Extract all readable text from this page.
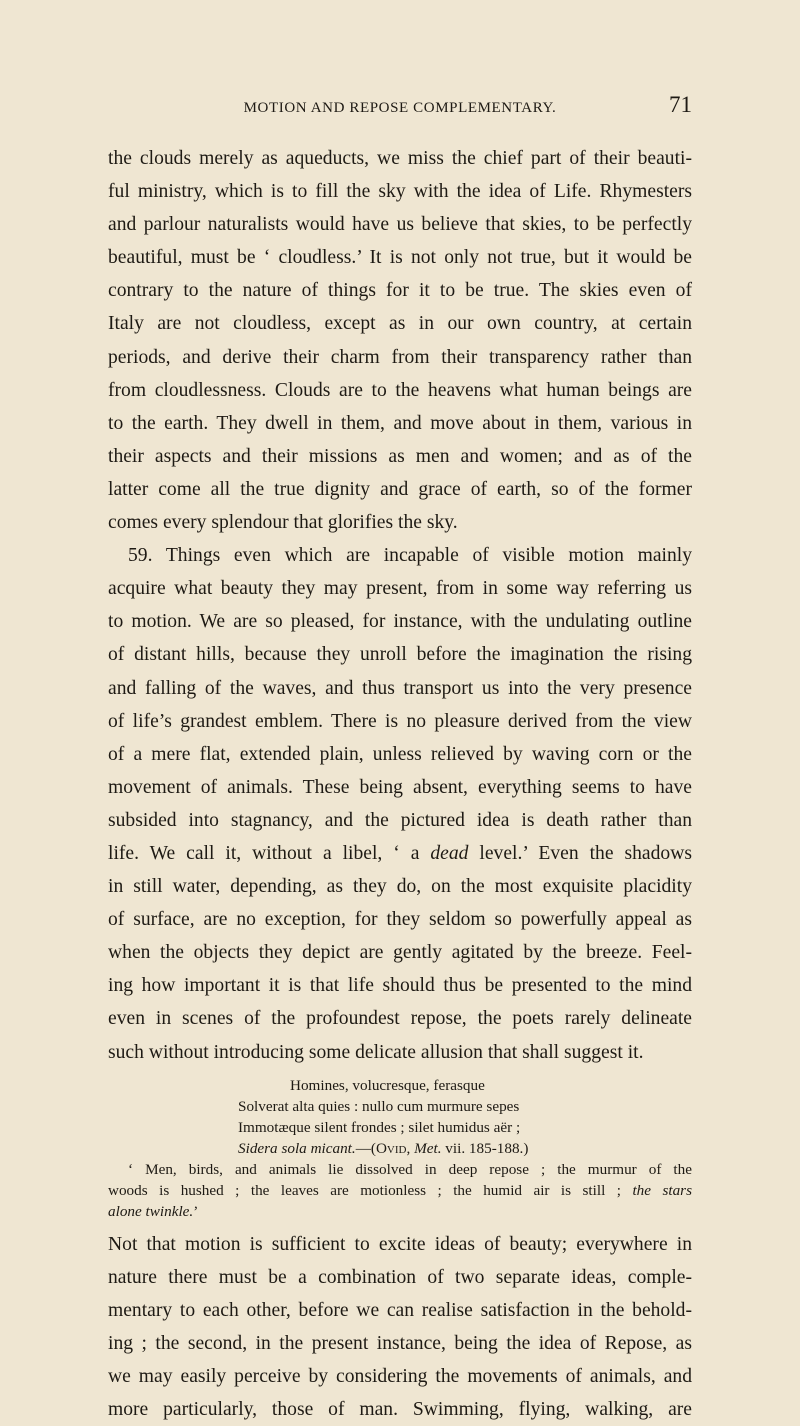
MOTION AND REPOSE COMPLEMENTARY.	71
the clouds merely as aqueducts, we miss the chief part of their beauti-
ful ministry, which is to fill the sky with the idea of Life. Rhymesters
and parlour naturalists would have us believe that skies, to be perfectly
beautiful, must be ‘ cloudless.’ It is not only not true, but it would be
contrary to the nature of things for it to be true. The skies even of
Italy are not cloudless, except as in our own country, at certain
periods, and derive their charm from their transparency rather than
from cloudlessness. Clouds are to the heavens what human beings are
to the earth. They dwell in them, and move about in them, various in
their aspects and their missions as men and women; and as of the
latter come all the true dignity and grace of earth, so of the former
comes every splendour that glorifies the sky.
59. Things even which are incapable of visible motion mainly
acquire what beauty they may present, from in some way referring us
to motion. We are so pleased, for instance, with the undulating outline
of distant hills, because they unroll before the imagination the rising
and falling of the waves, and thus transport us into the very presence
of life’s grandest emblem. There is no pleasure derived from the view
of a mere flat, extended plain, unless relieved by waving corn or the
movement of animals. These being absent, everything seems to have
subsided into stagnancy, and the pictured idea is death rather than
life. We call it, without a libel, ‘ a dead level.’ Even the shadows
in still water, depending, as they do, on the most exquisite placidity
of surface, are no exception, for they seldom so powerfully appeal as
when the objects they depict are gently agitated by the breeze. Feel-
ing how important it is that life should thus be presented to the mind
even in scenes of the profoundest repose, the poets rarely delineate
such without introducing some delicate allusion that shall suggest it.
Homines, volucresque, ferasque
Solverat alta quies : nullo cum murmure sepes
Immotæque silent frondes ; silet humidus aër ;
Sidera sola micant.—(Ovid, Met. vii. 185-188.)
‘ Men, birds, and animals lie dissolved in deep repose ; the murmur of the
woods is hushed ; the leaves are motionless ; the humid air is still ; the stars
alone twinkle.’
Not that motion is sufficient to excite ideas of beauty; everywhere in
nature there must be a combination of two separate ideas, comple-
mentary to each other, before we can realise satisfaction in the behold-
ing ; the second, in the present instance, being the idea of Repose, as
we may easily perceive by considering the movements of animals, and
more particularly, those of man. Swimming, flying, walking, are
